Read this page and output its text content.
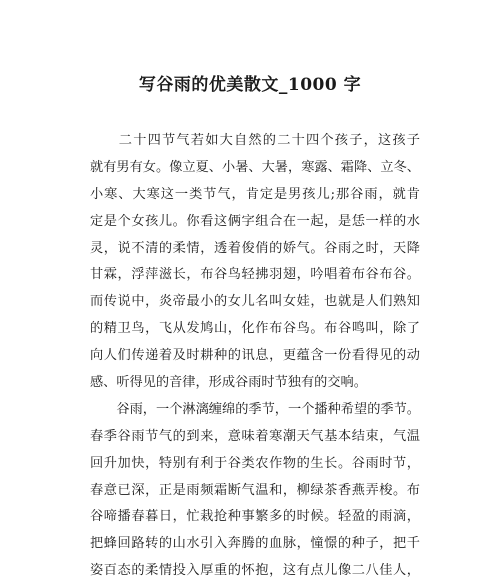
写谷雨的优美散文_1000 字
　　二十四节气若如大自然的二十四个孩子，这孩子
就有男有女。像立夏、小暑、大暑，寒露、霜降、立冬、
小寒、大寒这一类节气，肯定是男孩儿;那谷雨，就肯
定是个女孩儿。你看这俩字组合在一起，是恁一样的水
灵，说不清的柔情，透着俊俏的娇气。谷雨之时，天降
甘霖，浮萍滋长，布谷鸟轻拂羽翅，吟唱着布谷布谷。
而传说中，炎帝最小的女儿名叫女娃，也就是人们熟知
的精卫鸟，飞从发鸠山，化作布谷鸟。布谷鸣叫，除了
向人们传递着及时耕种的讯息，更蕴含一份看得见的动
感、听得见的音律，形成谷雨时节独有的交响。
　　谷雨，一个淋漓缠绵的季节，一个播种希望的季节。
春季谷雨节气的到来，意味着寒潮天气基本结束，气温
回升加快，特别有利于谷类农作物的生长。谷雨时节，
春意已深，正是雨频霜断气温和，柳绿茶香燕弄梭。布
谷啼播春暮日，忙栽抢种事繁多的时候。轻盈的雨滴，
把蜂回路转的山水引入奔腾的血脉，憧憬的种子，把千
姿百态的柔情投入厚重的怀抱，这有点儿像二八佳人，
